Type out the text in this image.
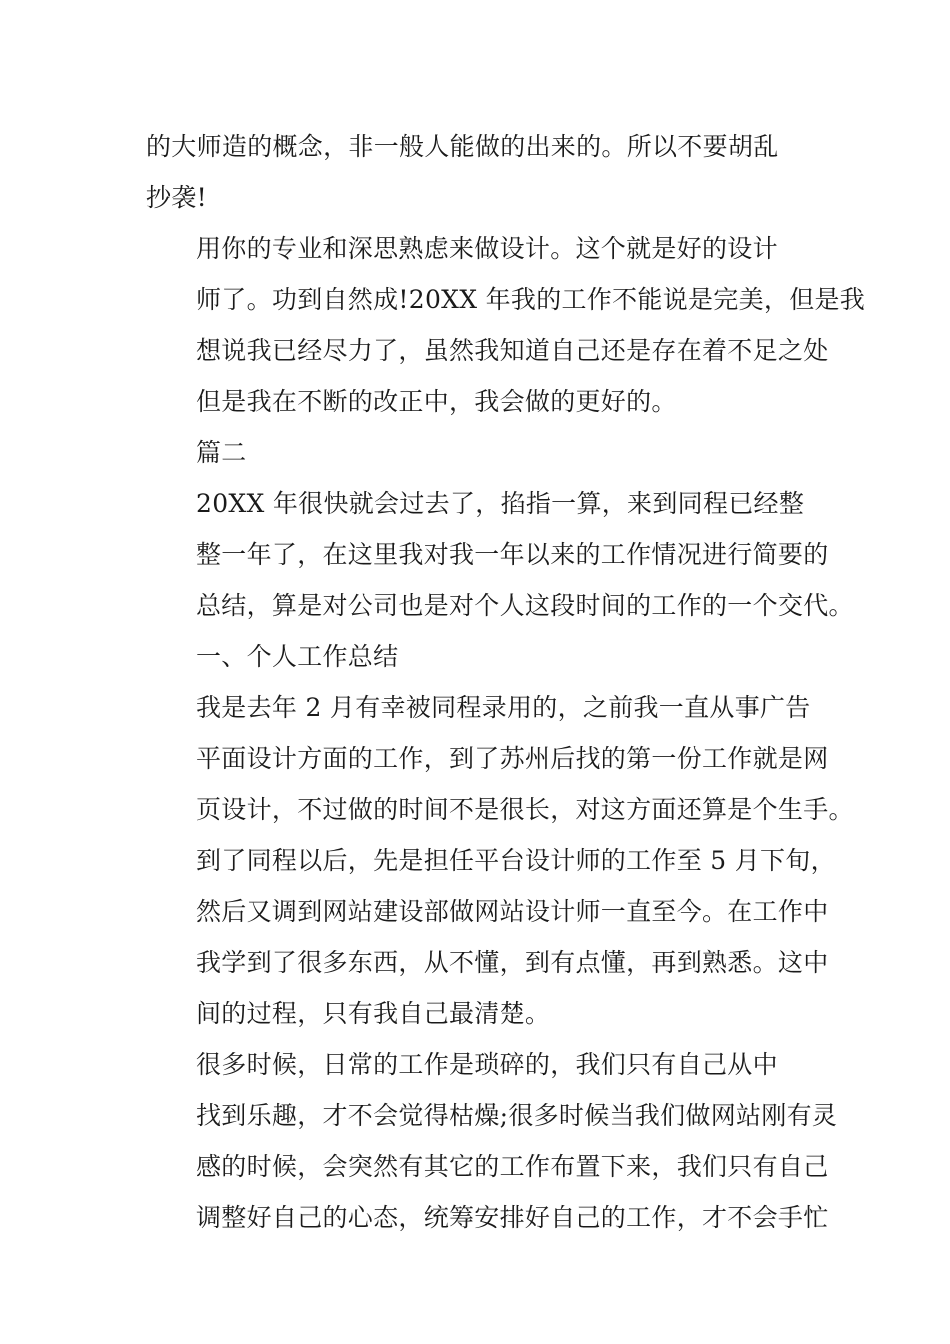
的大师造的概念，非一般人能做的出来的。所以不要胡乱
抄袭!

用你的专业和深思熟虑来做设计。这个就是好的设计
师了。功到自然成!20XX 年我的工作不能说是完美，但是我
想说我已经尽力了，虽然我知道自己还是存在着不足之处
但是我在不断的改正中，我会做的更好的。

篇二

20XX 年很快就会过去了，掐指一算，来到同程已经整
整一年了，在这里我对我一年以来的工作情况进行简要的
总结，算是对公司也是对个人这段时间的工作的一个交代。

一、个人工作总结

我是去年 2 月有幸被同程录用的，之前我一直从事广告
平面设计方面的工作，到了苏州后找的第一份工作就是网
页设计，不过做的时间不是很长，对这方面还算是个生手。

到了同程以后，先是担任平台设计师的工作至 5 月下旬，
然后又调到网站建设部做网站设计师一直至今。在工作中
我学到了很多东西，从不懂，到有点懂，再到熟悉。这中
间的过程，只有我自己最清楚。

很多时候，日常的工作是琐碎的，我们只有自己从中
找到乐趣，才不会觉得枯燥;很多时候当我们做网站刚有灵
感的时候，会突然有其它的工作布置下来，我们只有自己
调整好自己的心态，统筹安排好自己的工作，才不会手忙
